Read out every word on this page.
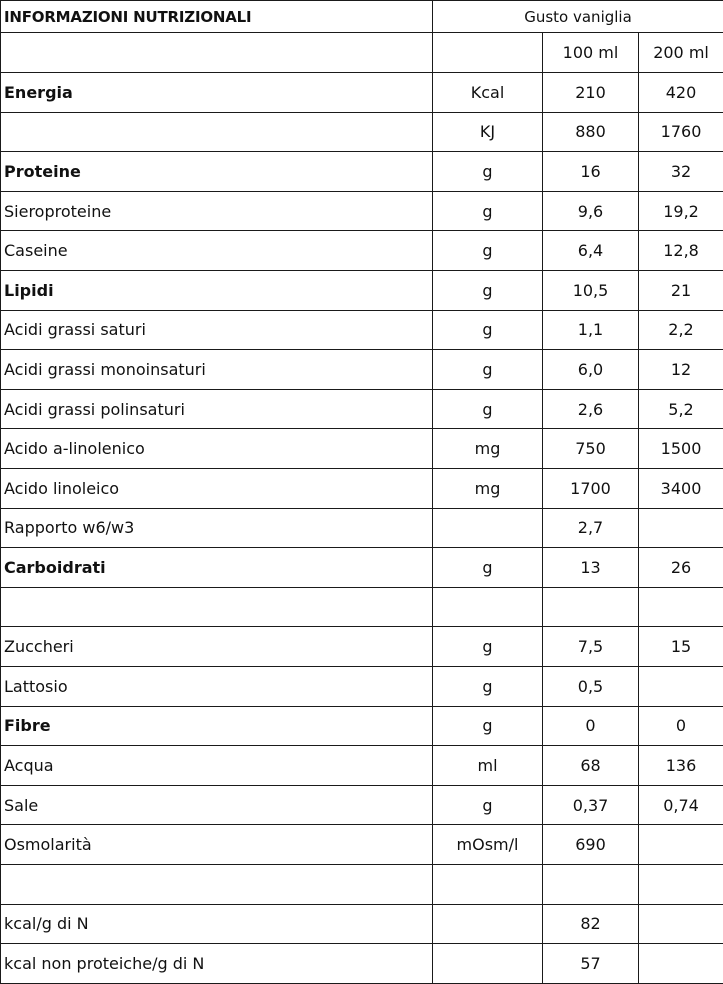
INFORMAZIONI NUTRIZIONALI	Gusto vaniglia		
		100 ml	200 ml
Energia	Kcal	210	420
	KJ	880	1760
Proteine	g	16	32
Sieroproteine	g	9,6	19,2
Caseine	g	6,4	12,8
Lipidi	g	10,5	21
Acidi grassi saturi	g	1,1	2,2
Acidi grassi monoinsaturi	g	6,0	12
Acidi grassi polinsaturi	g	2,6	5,2
Acido a-linolenico	mg	750	1500
Acido linoleico	mg	1700	3400
Rapporto w6/w3		2,7	
Carboidrati	g	13	26

Zuccheri	g	7,5	15
Lattosio	g	0,5	
Fibre	g	0	0
Acqua	ml	68	136
Sale	g	0,37	0,74
Osmolarità	mOsm/l	690	

kcal/g di N		82	
kcal non proteiche/g di N		57	
